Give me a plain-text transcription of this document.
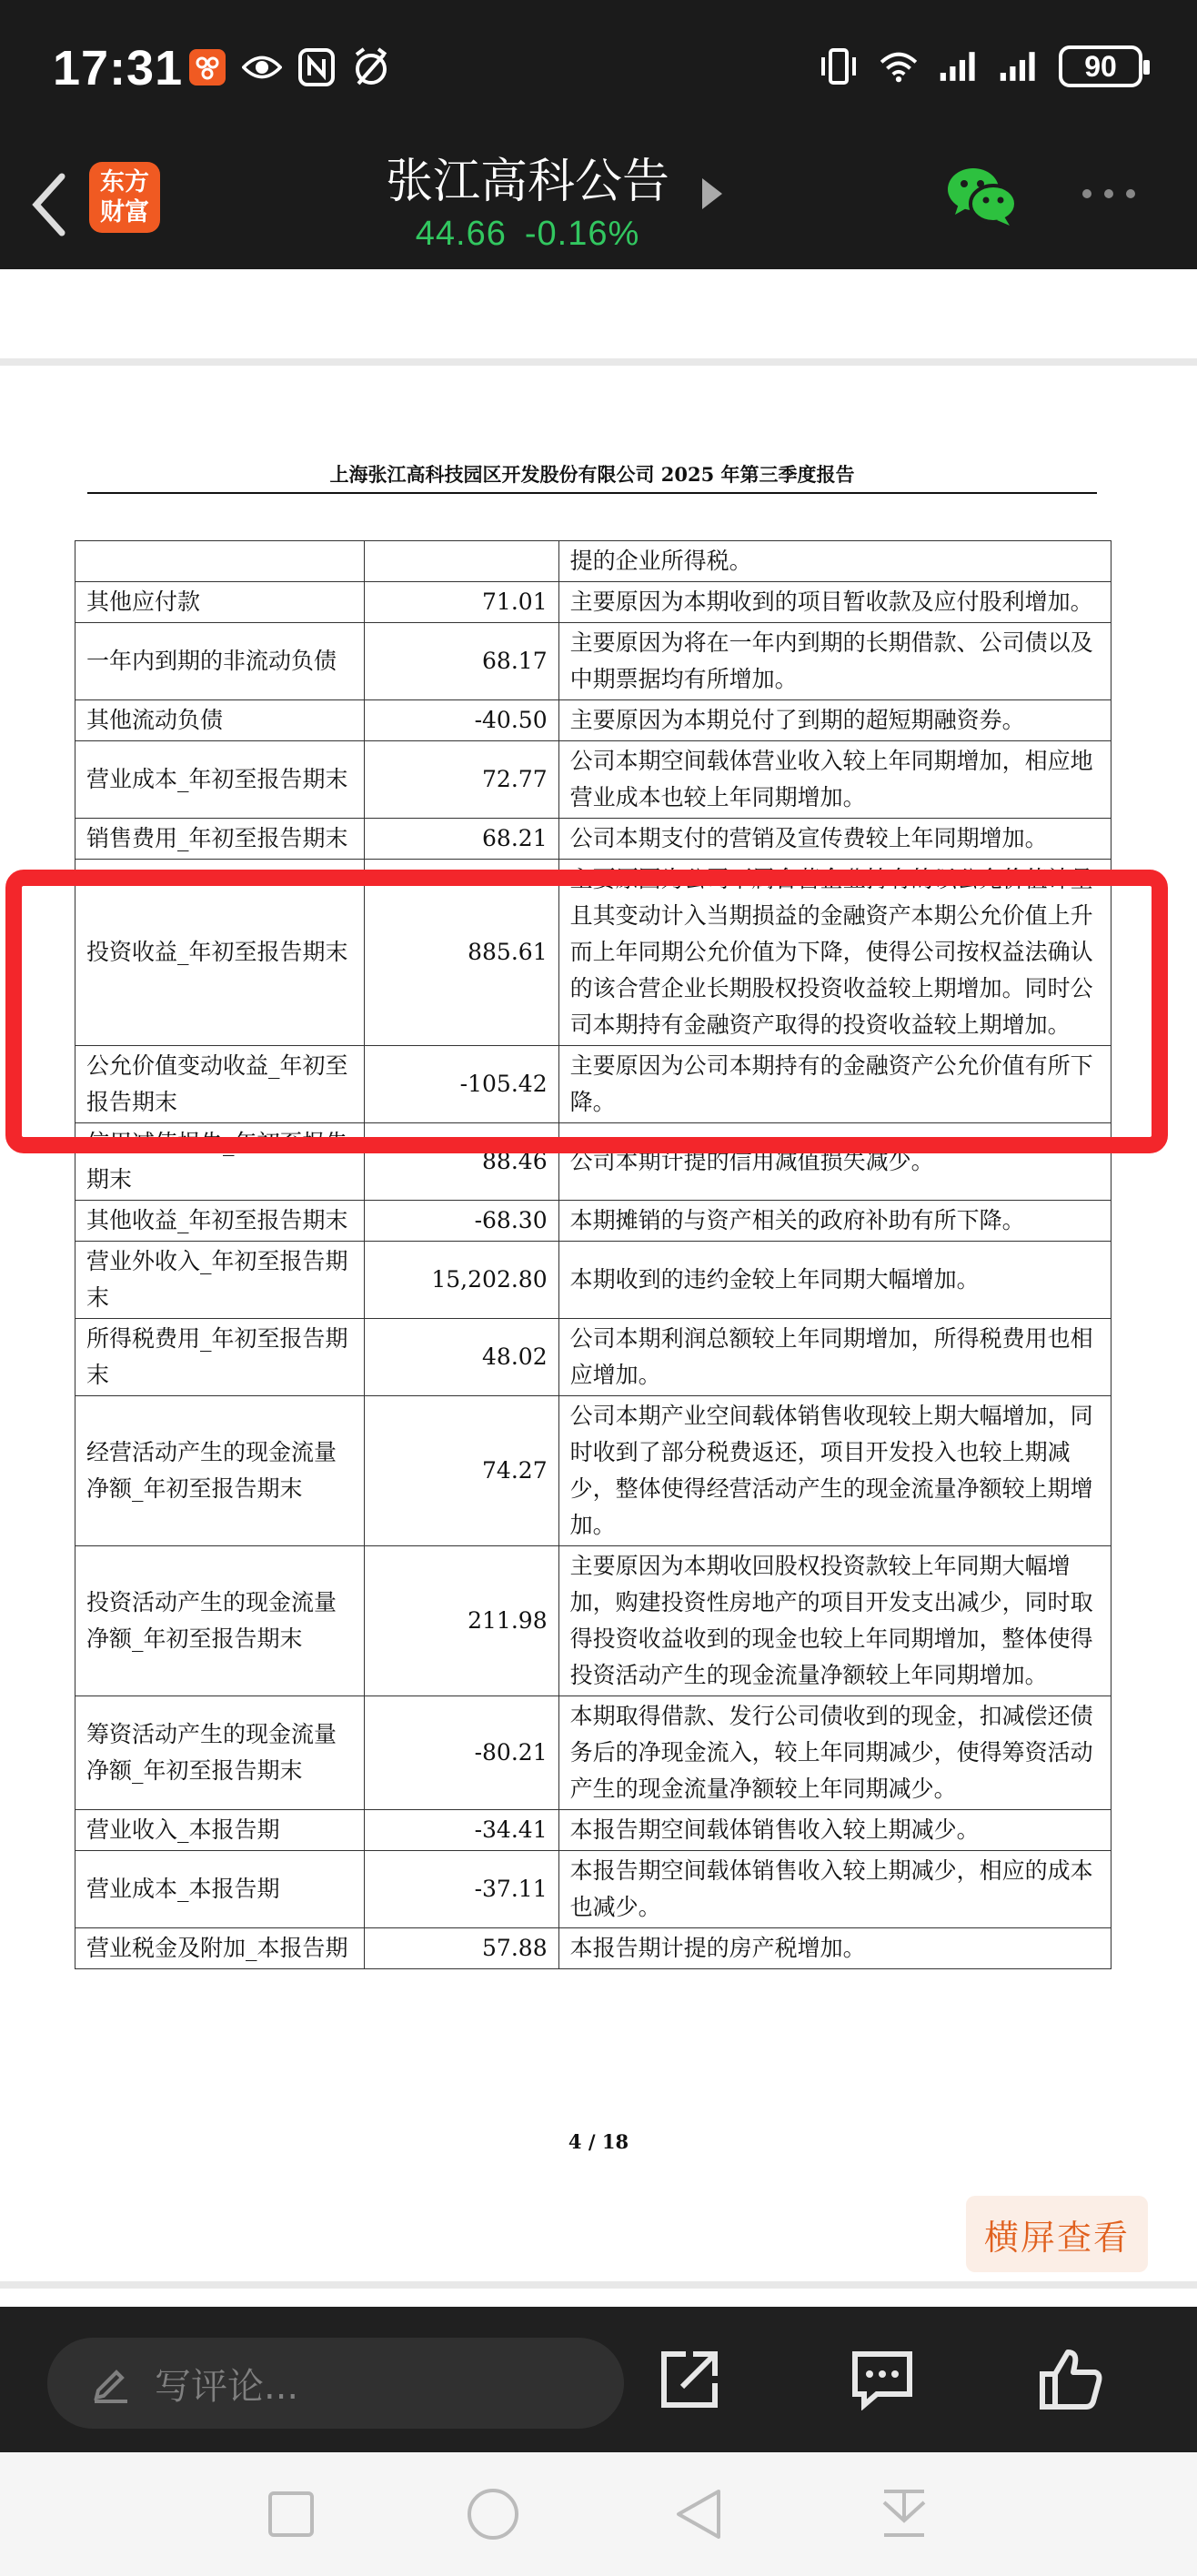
17:31	90
东方
财富
张江高科公告
44.66 -0.16%
上海张江高科技园区开发股份有限公司 2025 年第三季度报告
		提的企业所得税。
其他应付款	71.01	主要原因为本期收到的项目暂收款及应付股利增加。
一年内到期的非流动负债	68.17	主要原因为将在一年内到期的长期借款、公司债以及中期票据均有所增加。
其他流动负债	-40.50	主要原因为本期兑付了到期的超短期融资券。
营业成本_年初至报告期末	72.77	公司本期空间载体营业收入较上年同期增加，相应地营业成本也较上年同期增加。
销售费用_年初至报告期末	68.21	公司本期支付的营销及宣传费较上年同期增加。
投资收益_年初至报告期末	885.61	主要原因为公司下属合营企业持有的以公允价值计量且其变动计入当期损益的金融资产本期公允价值上升而上年同期公允价值为下降，使得公司按权益法确认的该合营企业长期股权投资收益较上期增加。同时公司本期持有金融资产取得的投资收益较上期增加。
公允价值变动收益_年初至报告期末	-105.42	主要原因为公司本期持有的金融资产公允价值有所下降。
信用减值损失_年初至报告期末	88.46	公司本期计提的信用减值损失减少。
其他收益_年初至报告期末	-68.30	本期摊销的与资产相关的政府补助有所下降。
营业外收入_年初至报告期末	15,202.80	本期收到的违约金较上年同期大幅增加。
所得税费用_年初至报告期末	48.02	公司本期利润总额较上年同期增加，所得税费用也相应增加。
经营活动产生的现金流量净额_年初至报告期末	74.27	公司本期产业空间载体销售收现较上期大幅增加，同时收到了部分税费返还，项目开发投入也较上期减少，整体使得经营活动产生的现金流量净额较上期增加。
投资活动产生的现金流量净额_年初至报告期末	211.98	主要原因为本期收回股权投资款较上年同期大幅增加，购建投资性房地产的项目开发支出减少，同时取得投资收益收到的现金也较上年同期增加，整体使得投资活动产生的现金流量净额较上年同期增加。
筹资活动产生的现金流量净额_年初至报告期末	-80.21	本期取得借款、发行公司债收到的现金，扣减偿还债务后的净现金流入，较上年同期减少，使得筹资活动产生的现金流量净额较上年同期减少。
营业收入_本报告期	-34.41	本报告期空间载体销售收入较上期减少。
营业成本_本报告期	-37.11	本报告期空间载体销售收入较上期减少，相应的成本也减少。
营业税金及附加_本报告期	57.88	本报告期计提的房产税增加。
4 / 18
横屏查看
写评论...
